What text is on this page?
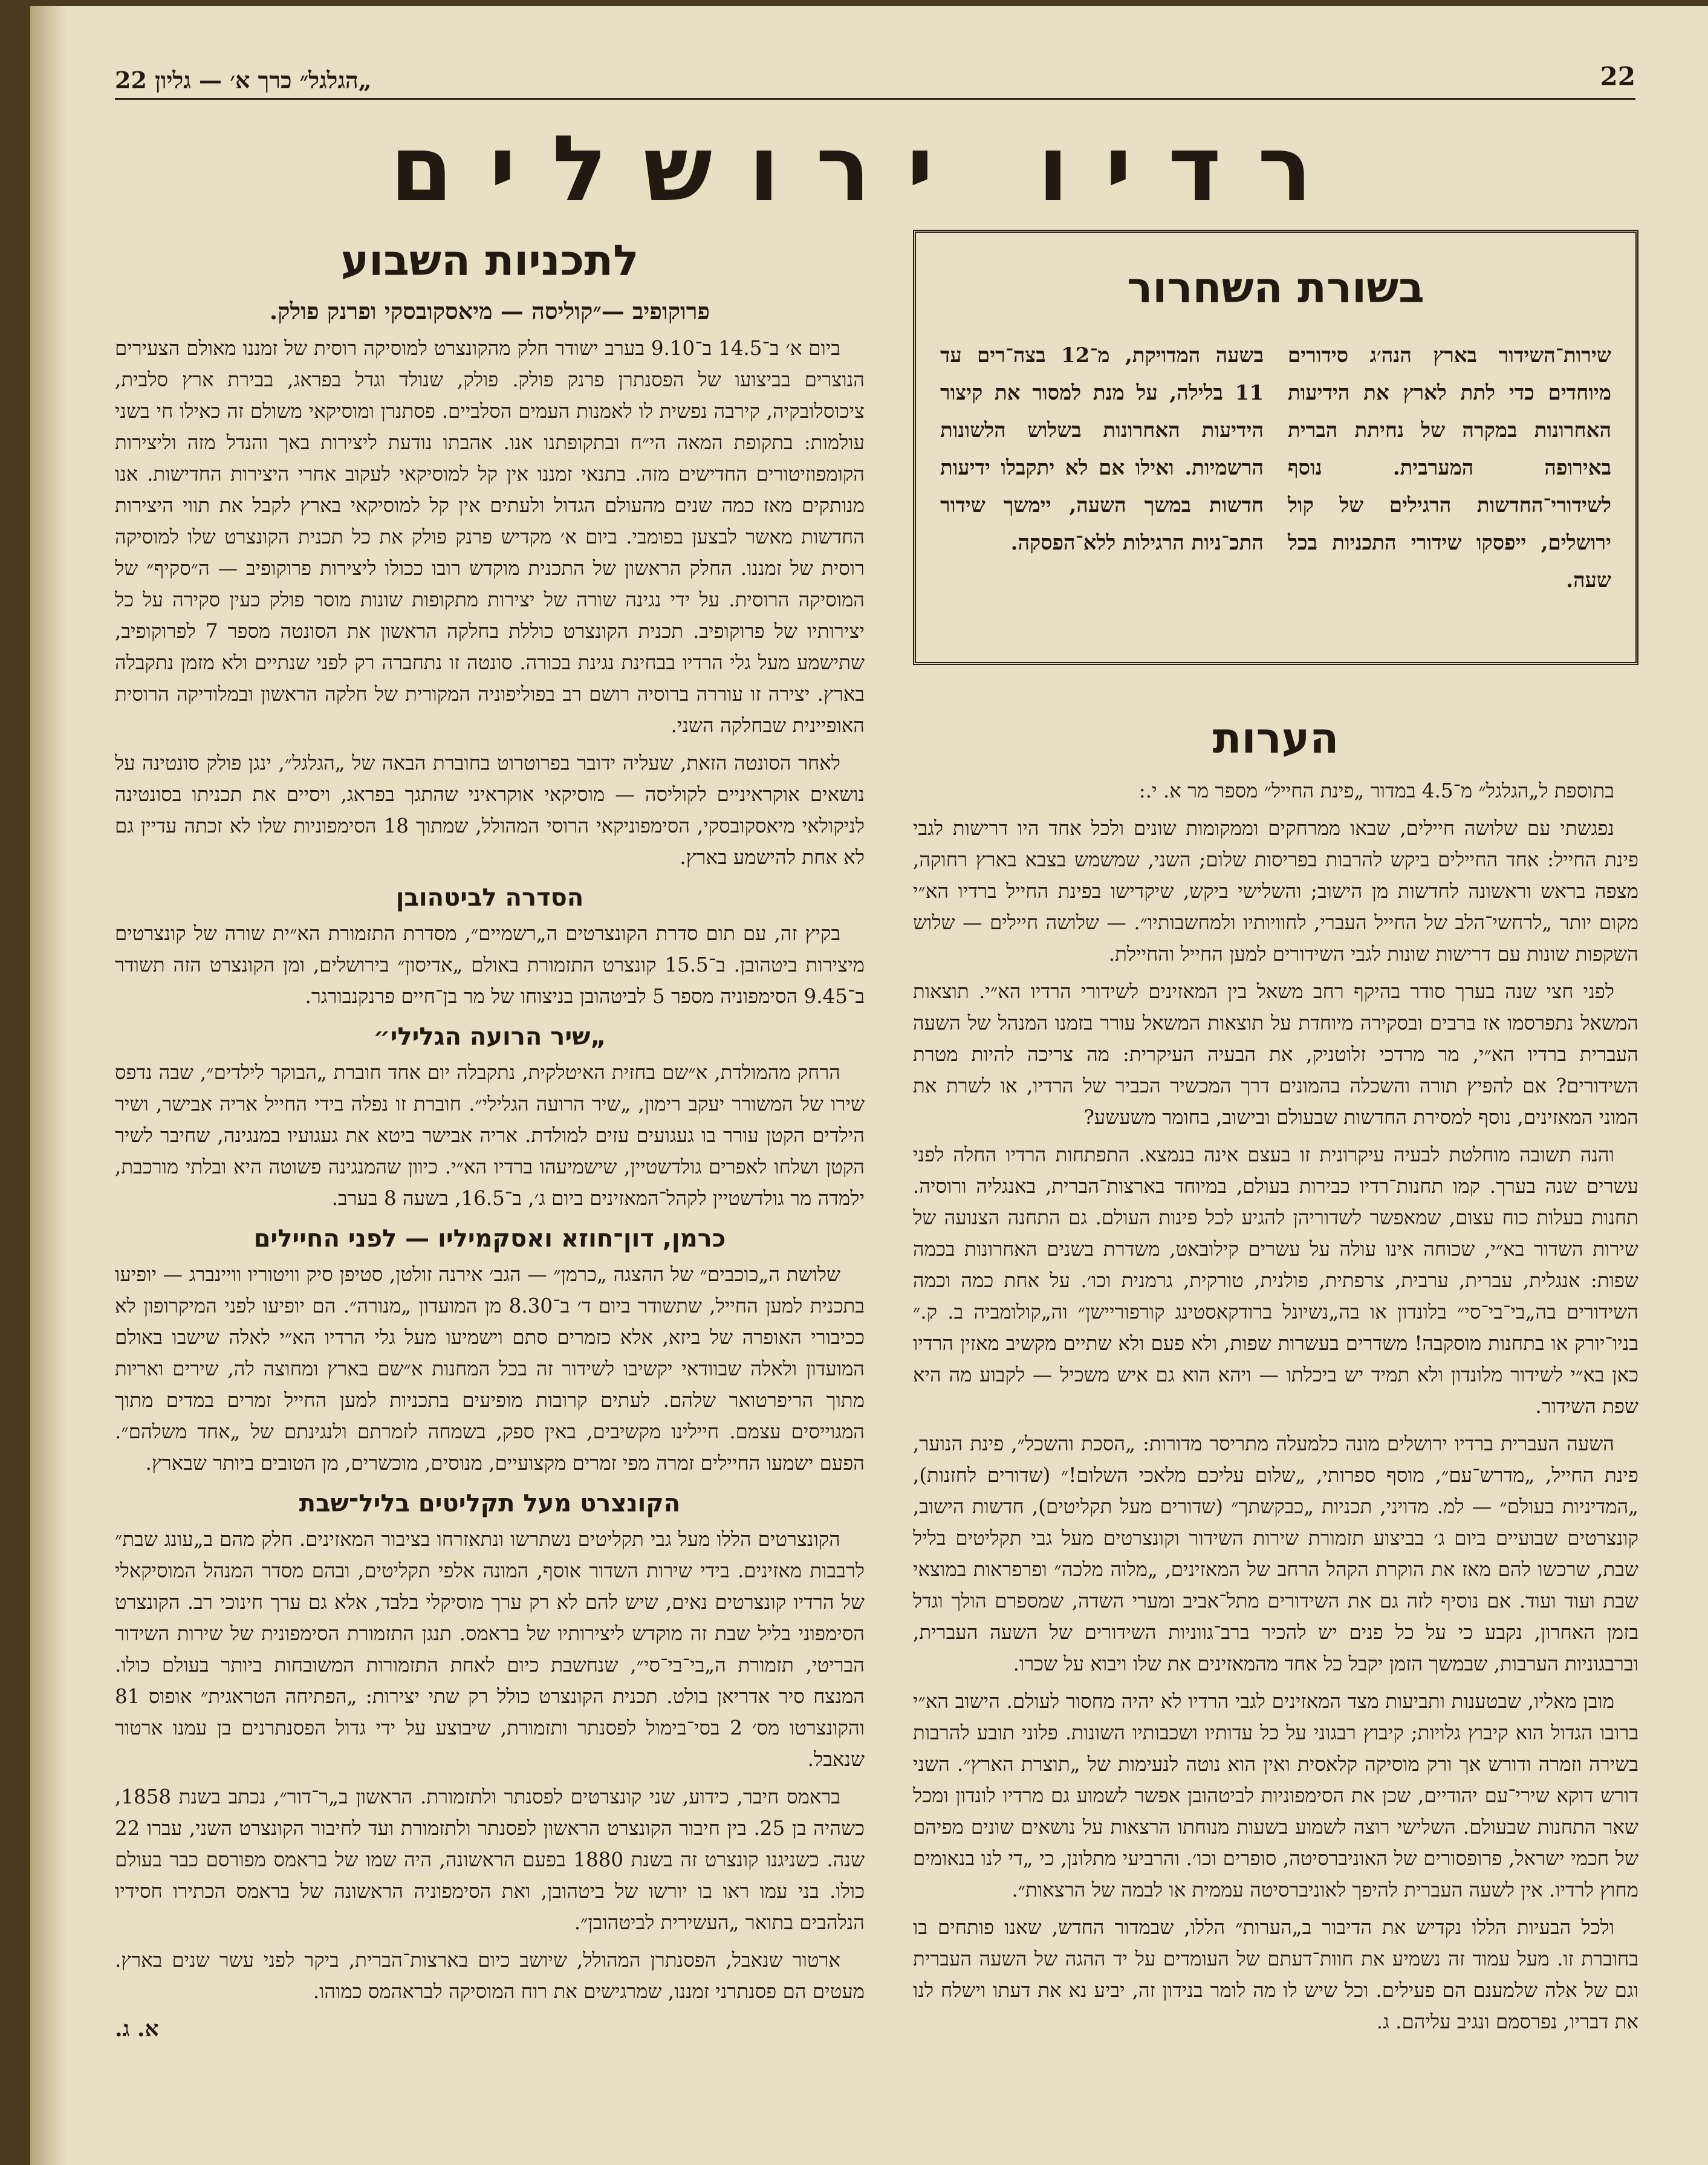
22
„הגלגל״ כרך א׳ — גליון 22
רדיו ירושלים
לתכניות השבוע
פרוקופיב —״קוליסה — מיאסקובסקי ופרנק פולק.

ביום א׳ ב־14.5 ב־9.10 בערב ישודר חלק מהקונצרט למוסיקה רוסית של זמננו מאולם הצעירים הנוצרים בביצועו של הפסנתרן פרנק פולק. פולק, שנולד וגדל בפראג, בבירת ארץ סלבית, ציכוסלובקיה, קירבה נפשית לו לאמנות העמים הסלביים. פסתנרן ומוסיקאי משולם זה כאילו חי בשני עולמות: בתקופת המאה הי״ח ובתקופתנו אנו. אהבתו נודעת ליצירות באך והנדל מזה וליצירות הקומפוזיטורים החדישים מזה. בתנאי זמננו אין קל למוסיקאי לעקוב אחרי היצירות החדישות. אנו מנותקים מאז כמה שנים מהעולם הגדול ולעתים אין קל למוסיקאי בארץ לקבל את תווי היצירות החדשות מאשר לבצען בפומבי. ביום א׳ מקדיש פרנק פולק את כל תכנית הקונצרט שלו למוסיקה רוסית של זמננו. החלק הראשון של התכנית מוקדש רובו ככולו ליצירות פרוקופיב — ה״סקיף״ של המוסיקה הרוסית. על ידי נגינה שורה של יצירות מתקופות שונות מוסר פולק כעין סקירה על כל יצירותיו של פרוקופיב. תכנית הקונצרט כוללת בחלקה הראשון את הסונטה מספר 7 לפרוקופיב, שתישמע מעל גלי הרדיו בבחינת נגינת בכורה. סונטה זו נתחברה רק לפני שנתיים ולא מזמן נתקבלה בארץ. יצירה זו עוררה ברוסיה רושם רב בפוליפוניה המקורית של חלקה הראשון ובמלודיקה הרוסית האופיינית שבחלקה השני.

לאחר הסונטה הזאת, שעליה ידובר בפרוטרוט בחוברת הבאה של „הגלגל״, ינגן פולק סונטינה על נושאים אוקראיניים לקוליסה — מוסיקאי אוקראיני שהתגך בפראג, ויסיים את תכניתו בסונטינה לניקולאי מיאסקובסקי, הסימפוניקאי הרוסי המהולל, שמתוך 18 הסימפוניות שלו לא זכתה עדיין גם לא אחת להישמע בארץ.

הסדרה לביטהובן

בקיץ זה, עם תום סדרת הקונצרטים ה„רשמיים״, מסדרת התזמורת הא״ית שורה של קונצרטים מיצירות ביטהובן. ב־15.5 קונצרט התזמורת באולם „אדיסון״ בירושלים, ומן הקונצרט הזה תשודר ב־9.45 הסימפוניה מספר 5 לביטהובן בניצוחו של מר בן־חיים פרנקנבורגר.

„שיר הרועה הגלילי״

הרחק מהמולדת, א״שם בחזית האיטלקית, נתקבלה יום אחד חוברת „הבוקר לילדים״, שבה נדפס שירו של המשורר יעקב רימון, „שיר הרועה הגלילי״. חוברת זו נפלה בידי החייל אריה אבישר, ושיר הילדים הקטן עורר בו געגועים עזים למולדת. אריה אבישר ביטא את געגועיו במנגינה, שחיבר לשיר הקטן ושלחו לאפרים גולדשטיין, שישמיעהו ברדיו הא״י. כיוון שהמנגינה פשוטה היא ובלתי מורכבת, ילמדה מר גולדשטיין לקהל־המאזינים ביום ג׳, ב־16.5, בשעה 8 בערב.

כרמן, דון־חוזא ואסקמיליו — לפני החיילים

שלושת ה„כוכבים״ של ההצגה „כרמן״ — הגב׳ אירנה זולטן, סטיפן סיק וויטוריו וויינברג — יופיעו בתכנית למען החייל, שתשודר ביום ד׳ ב־8.30 מן המועדון „מנורה״. הם יופיעו לפני המיקרופון לא ככיבורי האופרה של ביזא, אלא כזמרים סתם וישמיעו מעל גלי הרדיו הא״י לאלה שישבו באולם המועדון ולאלה שבוודאי יקשיבו לשידור זה בכל המחנות א״שם בארץ ומחוצה לה, שירים ואריות מתוך הריפרטואר שלהם. לעתים קרובות מופיעים בתכניות למען החייל זמרים במדים מתוך המגוייסים עצמם. חיילינו מקשיבים, באין ספק, בשמחה לזמרתם ולנגינתם של „אחד משלהם״. הפעם ישמעו החיילים זמרה מפי זמרים מקצועיים, מנוסים, מוכשרים, מן הטובים ביותר שבארץ.

הקונצרט מעל תקליטים בליל־שבת

הקונצרטים הללו מעל גבי תקליטים נשתרשו ונתאזרחו בציבור המאזינים. חלק מהם ב„עונג שבת״ לרבבות מאזינים. בידי שירות השדור אוסף, המונה אלפי תקליטים, ובהם מסדר המנהל המוסיקאלי של הרדיו קונצרטים נאים, שיש להם לא רק ערך מוסיקלי בלבד, אלא גם ערך חינוכי רב. הקונצרט הסימפוני בליל שבת זה מוקדש ליצירותיו של בראמס. תנגן התזמורת הסימפונית של שירות השידור הבריטי, תזמורת ה„בי־בי־סי״, שנחשבת כיום לאחת התזמורות המשובחות ביותר בעולם כולו. המנצח סיר אדריאן בולט. תכנית הקונצרט כולל רק שתי יצירות: „הפתיחה הטראגית״ אופוס 81 והקונצרטו מס׳ 2 בסי־בימול לפסנתר ותזמורת, שיבוצע על ידי גדול הפסנתרנים בן עמנו ארטור שנאבל.

בראמס חיבר, כידוע, שני קונצרטים לפסנתר ולתזמורת. הראשון ב„ר־דור״, נכתב בשנת 1858, כשהיה בן 25. בין חיבור הקונצרט הראשון לפסנתר ולתזמורת ועד לחיבור הקונצרט השני, עברו 22 שנה. כשניגנו קונצרט זה בשנת 1880 בפעם הראשונה, היה שמו של בראמס מפורסם כבר בעולם כולו. בני עמו ראו בו יורשו של ביטהובן, ואת הסימפוניה הראשונה של בראמס הכתירו חסידיו הנלהבים בתואר „העשירית לביטהובן״.

ארטור שנאבל, הפסנתרן המהולל, שיושב כיום בארצות־הברית, ביקר לפני עשר שנים בארץ. מעטים הם פסנתרני זמננו, שמרגישים את רוח המוסיקה לבראהמס כמוהו.

א. ג.

בשורת השחרור
שירות־השידור בארץ הנה׳ג סידורים מיוחדים כדי לתת לארץ את הידיעות האחרונות במקרה של נחיתת הברית באירופה המערבית. נוסף לשידורי־החדשות הרגילים של קול ירושלים, ייפסקו שידורי התכניות בכל שעה.
בשעה המדויקת, מ־12 בצה־רים עד 11 בלילה, על מנת למסור את קיצור הידיעות האחרונות בשלוש הלשונות הרשמיות. ואילו אם לא יתקבלו ידיעות חדשות במשך השעה, יימשך שידור התכ־ניות הרגילות ללא־הפסקה.
הערות

בתוספת ל„הגלגל״ מ־4.5 במדור „פינת החייל״ מספר מר א. י.:

נפגשתי עם שלושה חיילים, שבאו ממרחקים וממקומות שונים ולכל אחד היו דרישות לגבי פינת החייל: אחד החיילים ביקש להרבות בפריסות שלום; השני, שמשמש בצבא בארץ רחוקה, מצפה בראש וראשונה לחדשות מן הישוב; והשלישי ביקש, שיקדישו בפינת החייל ברדיו הא״י מקום יותר „לרחשי־הלב של החייל העברי, לחוויותיו ולמחשבותיו״. — שלושה חיילים — שלוש השקפות שונות עם דרישות שונות לגבי השידורים למען החייל והחיילת.

לפני חצי שנה בערך סודר בהיקף רחב משאל בין המאזינים לשידורי הרדיו הא״י. תוצאות המשאל נתפרסמו אז ברבים ובסקירה מיוחדת על תוצאות המשאל עורר בזמנו המנהל של השעה העברית ברדיו הא״י, מר מרדכי זלוטניק, את הבעיה העיקרית: מה צריכה להיות מטרת השידורים? אם להפיץ תורה והשכלה בהמונים דרך המכשיר הכביר של הרדיו, או לשרת את המוני המאזינים, נוסף למסירת החדשות שבעולם ובישוב, בחומר משעשע?

והנה תשובה מוחלטת לבעיה עיקרונית זו בעצם אינה בנמצא. התפתחות הרדיו החלה לפני עשרים שנה בערך. קמו תחנות־רדיו כבירות בעולם, במיוחד בארצות־הברית, באנגליה ורוסיה. תחנות בעלות כוח עצום, שמאפשר לשדוריהן להגיע לכל פינות העולם. גם התחנה הצנועה של שירות השדור בא״י, שכוחה אינו עולה על עשרים קילובאט, משדרת בשנים האחרונות בכמה שפות: אנגלית, עברית, ערבית, צרפתית, פולנית, טורקית, גרמנית וכו׳. על אחת כמה וכמה השידורים בה„בי־בי־סי״ בלונדון או בה„נשיונל ברודקאסטינג קורפוריישן״ וה„קולומביה ב. ק.״ בניו־יורק או בתחנות מוסקבה! משדרים בעשרות שפות, ולא פעם ולא שתיים מקשיב מאזין הרדיו כאן בא״י לשידור מלונדון ולא תמיד יש ביכלתו — ויהא הוא גם איש משכיל — לקבוע מה היא שפת השידור.

השעה העברית ברדיו ירושלים מונה כלמעלה מתריסר מדורות: „הסכת והשכל״, פינת הנוער, פינת החייל, „מדרש־עם״, מוסף ספרותי, „שלום עליכם מלאכי השלום!״ (שדורים לחזנות), „המדיניות בעולם״ — למ. מדויני, תכניות „כבקשתך״ (שדורים מעל תקליטים), חדשות הישוב, קונצרטים שבועיים ביום ג׳ בביצוע תזמורת שירות השידור וקונצרטים מעל גבי תקליטים בליל שבת, שרכשו להם מאז את הוקרת הקהל הרחב של המאזינים, „מלוה מלכה״ ופרפראות במוצאי שבת ועוד ועוד. אם נוסיף לזה גם את השידורים מתל־אביב ומערי השדה, שמספרם הולך וגדל בזמן האחרון, נקבע כי על כל פנים יש להכיר ברב־גווניות השידורים של השעה העברית, וברבגוניות הערבות, שבמשך הזמן יקבל כל אחד מהמאזינים את שלו ויבוא על שכרו.

מובן מאליו, שבטענות ותביעות מצד המאזינים לגבי הרדיו לא יהיה מחסור לעולם. הישוב הא״י ברובו הגדול הוא קיבוץ גלויות; קיבוץ רבגוני על כל עדותיו ושכבותיו השונות. פלוני תובע להרבות בשירה וזמרה ודורש אך ורק מוסיקה קלאסית ואין הוא נוטה לנעימות של „תוצרת הארץ״. השני דורש דוקא שירי־עם יהודיים, שכן את הסימפוניות לביטהובן אפשר לשמוע גם מרדיו לונדון ומכל שאר התחנות שבעולם. השלישי רוצה לשמוע בשעות מנוחתו הרצאות על נושאים שונים מפיהם של חכמי ישראל, פרופסורים של האוניברסיטה, סופרים וכו׳. והרביעי מתלונן, כי „די לנו בנאומים מחוץ לרדיו. אין לשעה העברית להיפך לאוניברסיטה עממית או לבמה של הרצאות״.

ולכל הבעיות הללו נקדיש את הדיבור ב„הערות״ הללו, שבמדור החדש, שאנו פותחים בו בחוברת זו. מעל עמוד זה נשמיע את חוות־דעתם של העומדים על יד ההגה של השעה העברית וגם של אלה שלמענם הם פעילים. וכל שיש לו מה לומר בנידון זה, יביע נא את דעתו וישלח לנו את דבריו, נפרסמם ונגיב עליהם. ג.
